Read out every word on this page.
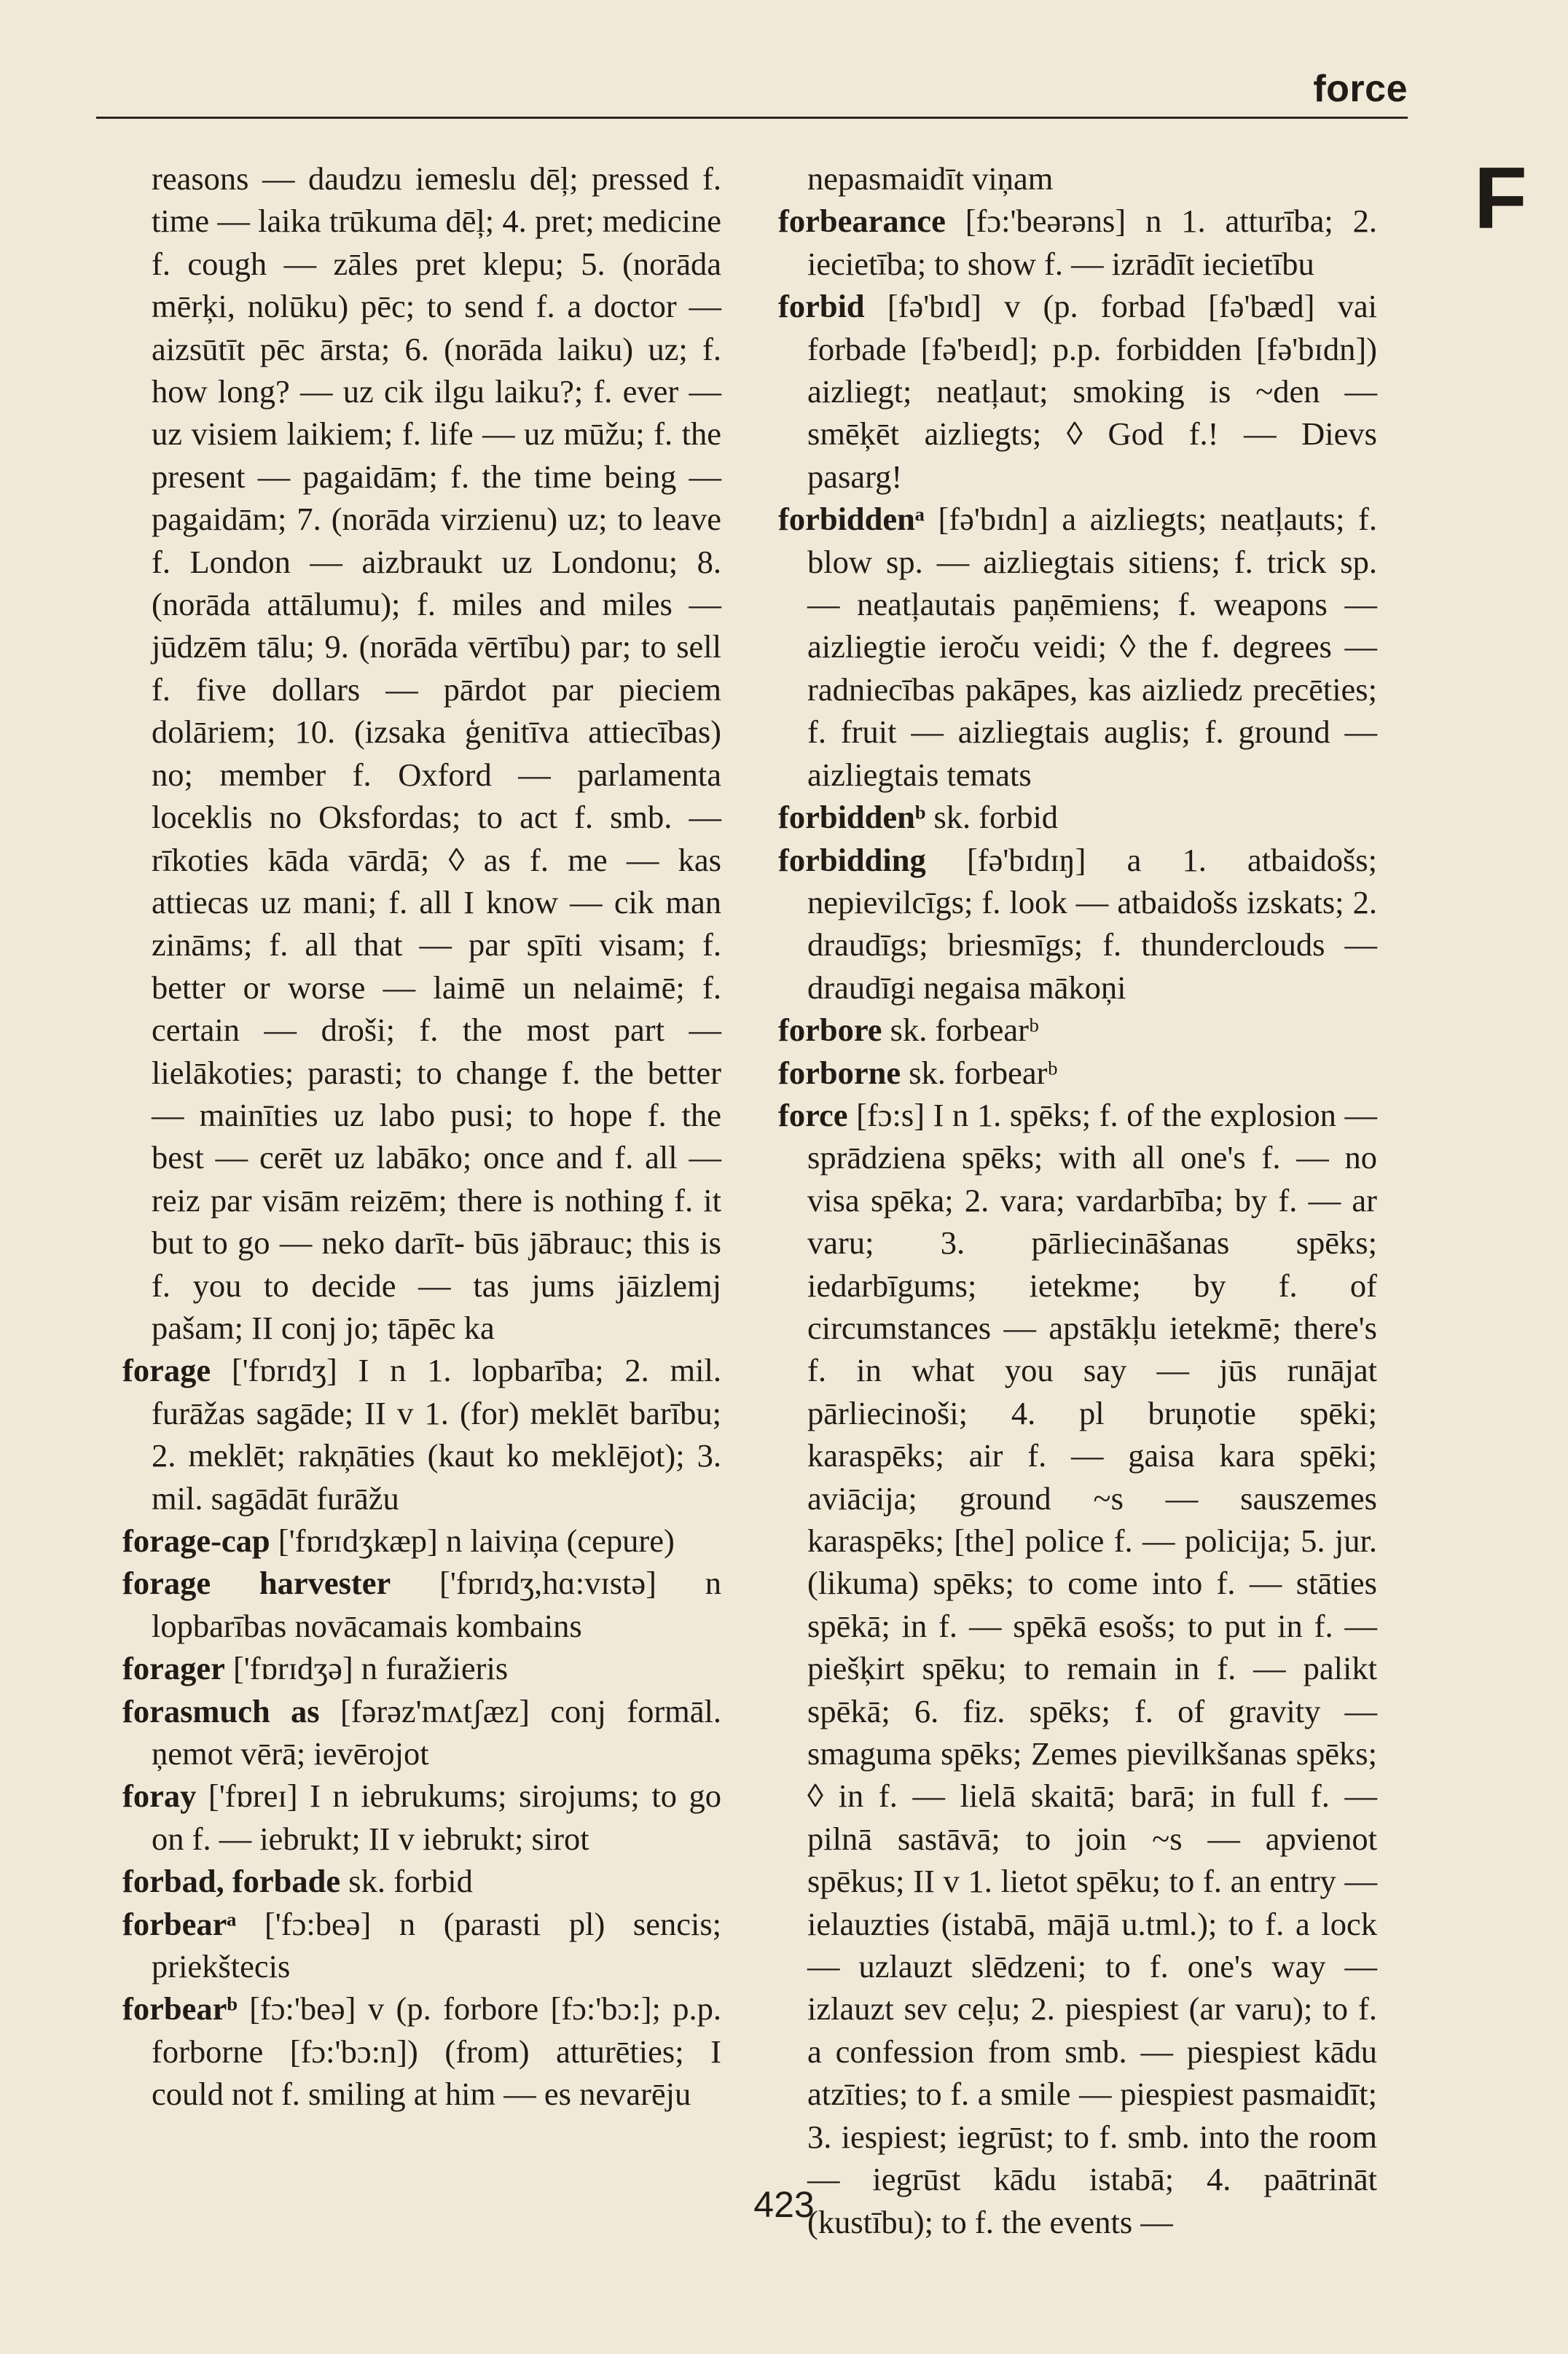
force
F

reasons — daudzu iemeslu dēļ; pressed f. time — laika trūkuma dēļ; 4. pret; medicine f. cough — zāles pret klepu; 5. (norāda mērķi, nolūku) pēc; to send f. a doctor — aizsūtīt pēc ārsta; 6. (norāda laiku) uz; f. how long? — uz cik ilgu laiku?; f. ever — uz visiem laikiem; f. life — uz mūžu; f. the present — pagaidām; f. the time being — pagaidām; 7. (norāda virzienu) uz; to leave f. London — aizbraukt uz Londonu; 8. (norāda attālumu); f. miles and miles — jūdzēm tālu; 9. (norāda vērtību) par; to sell f. five dollars — pārdot par pieciem dolāriem; 10. (izsaka ģenitīva attiecības) no; member f. Oxford — parlamenta loceklis no Oksfordas; to act f. smb. — rīkoties kāda vārdā; ◊ as f. me — kas attiecas uz mani; f. all I know — cik man zināms; f. all that — par spīti visam; f. better or worse — laimē un nelaimē; f. certain — droši; f. the most part — lielākoties; parasti; to change f. the better — mainīties uz labo pusi; to hope f. the best — cerēt uz labāko; once and f. all — reiz par visām reizēm; there is nothing f. it but to go — neko darīt- būs jābrauc; this is f. you to decide — tas jums jāizlemj pašam; II conj jo; tāpēc ka

forage ['fɒrɪdʒ] I n 1. lopbarība; 2. mil. furāžas sagāde; II v 1. (for) meklēt barību; 2. meklēt; rakņāties (kaut ko meklējot); 3. mil. sagādāt furāžu

forage-cap ['fɒrɪdʒkæp] n laiviņa (cepure)

forage harvester ['fɒrɪdʒ,hɑ:vɪstə] n lopbarības novācamais kombains

forager ['fɒrɪdʒə] n furažieris

forasmuch as [fərəz'mʌtʃæz] conj formāl. ņemot vērā; ievērojot

foray ['fɒreɪ] I n iebrukums; sirojums; to go on f. — iebrukt; II v iebrukt; sirot

forbad, forbade sk. forbid

forbearᵃ ['fɔ:beə] n (parasti pl) sencis; priekštecis

forbearᵇ [fɔ:'beə] v (p. forbore [fɔ:'bɔ:]; p.p. forborne [fɔ:'bɔ:n]) (from) atturēties; I could not f. smiling at him — es nevarēju

nepasmaidīt viņam

forbearance [fɔ:'beərəns] n 1. atturība; 2. iecietība; to show f. — izrādīt iecietību

forbid [fə'bɪd] v (p. forbad [fə'bæd] vai forbade [fə'beɪd]; p.p. forbidden [fə'bɪdn]) aizliegt; neatļaut; smoking is ~den — smēķēt aizliegts; ◊ God f.! — Dievs pasarg!

forbiddenᵃ [fə'bɪdn] a aizliegts; neatļauts; f. blow sp. — aizliegtais sitiens; f. trick sp. — neatļautais paņēmiens; f. weapons — aizliegtie ieroču veidi; ◊ the f. degrees — radniecības pakāpes, kas aizliedz precēties; f. fruit — aizliegtais auglis; f. ground — aizliegtais temats

forbiddenᵇ sk. forbid

forbidding [fə'bɪdɪŋ] a 1. atbaidošs; nepievilcīgs; f. look — atbaidošs izskats; 2. draudīgs; briesmīgs; f. thunderclouds — draudīgi negaisa mākoņi

forbore sk. forbearᵇ

forborne sk. forbearᵇ

force [fɔ:s] I n 1. spēks; f. of the explosion — sprādziena spēks; with all one's f. — no visa spēka; 2. vara; vardarbība; by f. — ar varu; 3. pārliecināšanas spēks; iedarbīgums; ietekme; by f. of circumstances — apstākļu ietekmē; there's f. in what you say — jūs runājat pārliecinoši; 4. pl bruņotie spēki; karaspēks; air f. — gaisa kara spēki; aviācija; ground ~s — sauszemes karaspēks; [the] police f. — policija; 5. jur. (likuma) spēks; to come into f. — stāties spēkā; in f. — spēkā esošs; to put in f. — piešķirt spēku; to remain in f. — palikt spēkā; 6. fiz. spēks; f. of gravity — smaguma spēks; Zemes pievilkšanas spēks; ◊ in f. — lielā skaitā; barā; in full f. — pilnā sastāvā; to join ~s — apvienot spēkus; II v 1. lietot spēku; to f. an entry — ielauzties (istabā, mājā u.tml.); to f. a lock — uzlauzt slēdzeni; to f. one's way — izlauzt sev ceļu; 2. piespiest (ar varu); to f. a confession from smb. — piespiest kādu atzīties; to f. a smile — piespiest pasmaidīt; 3. iespiest; iegrūst; to f. smb. into the room — iegrūst kādu istabā; 4. paātrināt (kustību); to f. the events —

423
